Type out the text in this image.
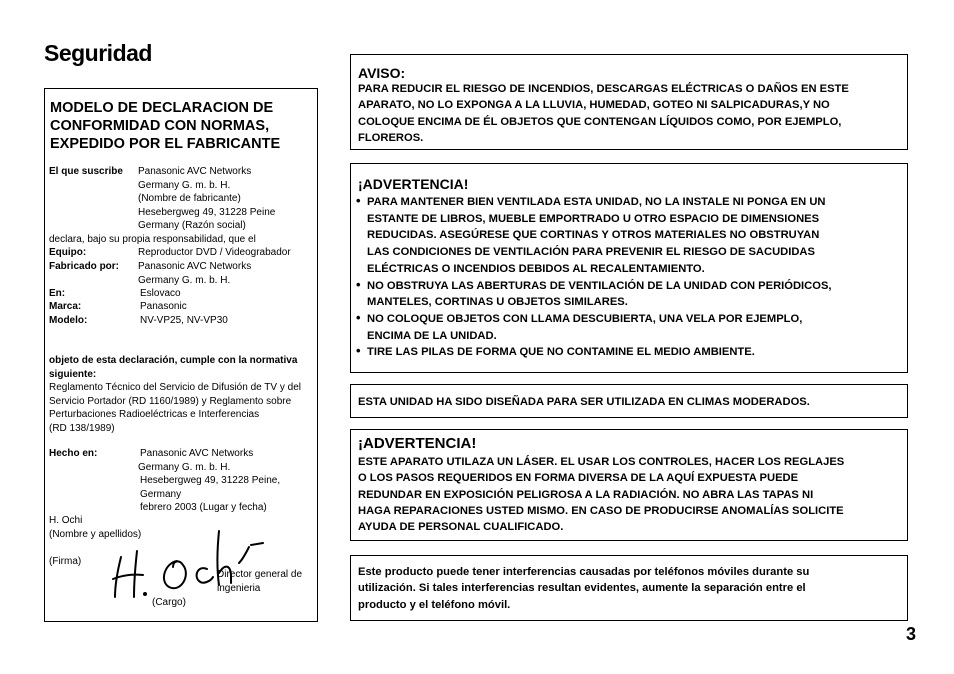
Seguridad
MODELO DE DECLARACION DE CONFORMIDAD CON NORMAS, EXPEDIDO POR EL FABRICANTE
El que suscribe Panasonic AVC Networks
Germany G. m. b. H.
(Nombre de fabricante)
Hesebergweg 49, 31228 Peine
Germany (Razón social)
declara, bajo su propia responsabilidad, que el
Equipo:	Reproductor DVD / Videograbador
Fabricado por: Panasonic AVC Networks
Germany G. m. b. H.
En:	Eslovaco
Marca:	Panasonic
Modelo:	NV-VP25, NV-VP30
objeto de esta declaración, cumple con la normativa
siguiente:
Reglamento Técnico del Servicio de Difusión de TV y del
Servicio Portador (RD 1160/1989) y Reglamento sobre
Perturbaciones Radioeléctricas e Interferencias
(RD 138/1989)
Hecho en:	Panasonic AVC Networks
Germany G. m. b. H.
Hesebergweg 49, 31228 Peine,
Germany
febrero 2003 (Lugar y fecha)
H. Ochi
(Nombre y apellidos)
(Firma)
Director general de
ingenieria
(Cargo)
AVISO:
PARA REDUCIR EL RIESGO DE INCENDIOS, DESCARGAS ELÉCTRICAS O DAÑOS EN ESTE
APARATO, NO LO EXPONGA A LA LLUVIA, HUMEDAD, GOTEO NI SALPICADURAS,Y NO
COLOQUE ENCIMA DE ÉL OBJETOS QUE CONTENGAN LÍQUIDOS COMO, POR EJEMPLO,
FLOREROS.
¡ADVERTENCIA!
• PARA MANTENER BIEN VENTILADA ESTA UNIDAD, NO LA INSTALE NI PONGA EN UN
ESTANTE DE LIBROS, MUEBLE EMPORTRADO U OTRO ESPACIO DE DIMENSIONES
REDUCIDAS. ASEGÚRESE QUE CORTINAS Y OTROS MATERIALES NO OBSTRUYAN
LAS CONDICIONES DE VENTILACIÓN PARA PREVENIR EL RIESGO DE SACUDIDAS
ELÉCTRICAS O INCENDIOS DEBIDOS AL RECALENTAMIENTO.
• NO OBSTRUYA LAS ABERTURAS DE VENTILACIÓN DE LA UNIDAD CON PERIÓDICOS,
MANTELES, CORTINAS U OBJETOS SIMILARES.
• NO COLOQUE OBJETOS CON LLAMA DESCUBIERTA, UNA VELA POR EJEMPLO,
ENCIMA DE LA UNIDAD.
• TIRE LAS PILAS DE FORMA QUE NO CONTAMINE EL MEDIO AMBIENTE.
ESTA UNIDAD HA SIDO DISEÑADA PARA SER UTILIZADA EN CLIMAS MODERADOS.
¡ADVERTENCIA!
ESTE APARATO UTILAZA UN LÁSER. EL USAR LOS CONTROLES, HACER LOS REGLAJES
O LOS PASOS REQUERIDOS EN FORMA DIVERSA DE LA AQUÍ EXPUESTA PUEDE
REDUNDAR EN EXPOSICIÓN PELIGROSA A LA RADIACIÓN. NO ABRA LAS TAPAS NI
HAGA REPARACIONES USTED MISMO. EN CASO DE PRODUCIRSE ANOMALÍAS SOLICITE
AYUDA DE PERSONAL CUALIFICADO.
Este producto puede tener interferencias causadas por teléfonos móviles durante su
utilización. Si tales interferencias resultan evidentes, aumente la separación entre el
producto y el teléfono móvil.
3
